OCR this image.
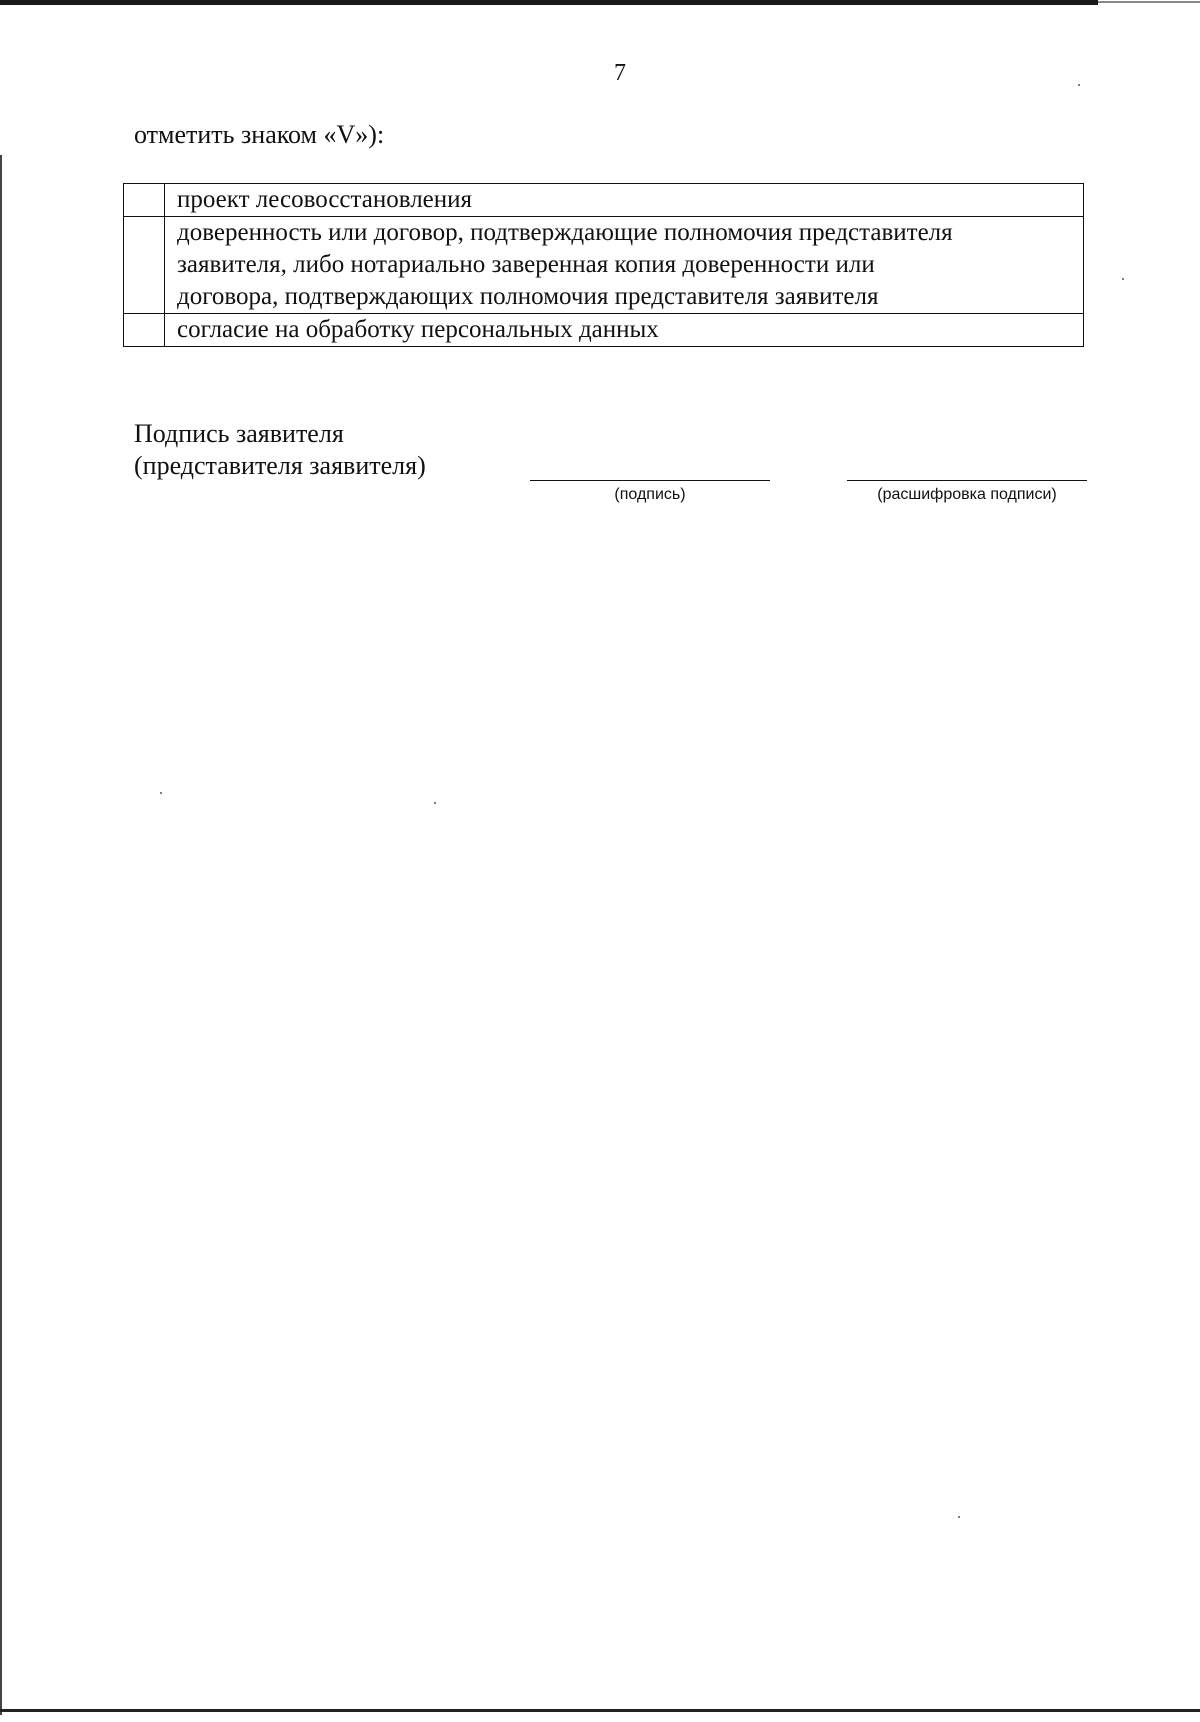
7
отметить знаком «V»):

	проект лесовосстановления

	доверенность или договор, подтверждающие полномочия представителя
заявителя, либо нотариально заверенная копия доверенности или
договора, подтверждающих полномочия представителя заявителя

	согласие на обработку персональных данных
Подпись заявителя
(представителя заявителя)
(подпись)	(расшифровка подписи)
